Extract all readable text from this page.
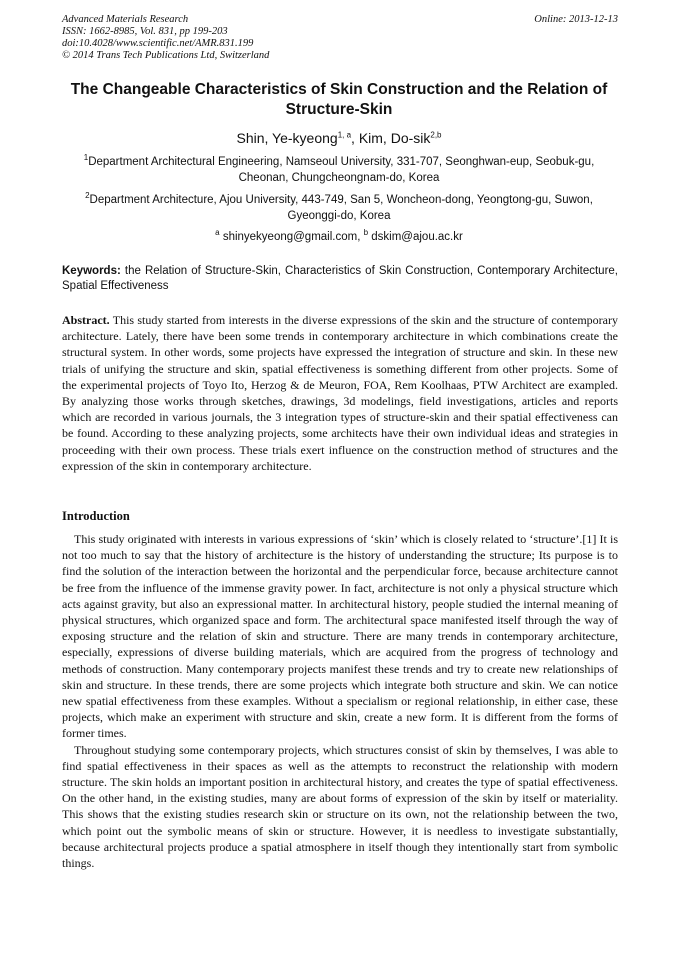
Advanced Materials Research
ISSN: 1662-8985, Vol. 831, pp 199-203
doi:10.4028/www.scientific.net/AMR.831.199
© 2014 Trans Tech Publications Ltd, Switzerland
Online: 2013-12-13
The Changeable Characteristics of Skin Construction and the Relation of Structure-Skin
Shin, Ye-kyeong$^{1, a}$, Kim, Do-sik$^{2,b}$
$^1$Department Architectural Engineering, Namseoul University, 331-707, Seonghwan-eup, Seobuk-gu, Cheonan, Chungcheongnam-do, Korea
$^2$Department Architecture, Ajou University, 443-749, San 5, Woncheon-dong, Yeongtong-gu, Suwon, Gyeonggi-do, Korea
$^a$ shinyekyeong@gmail.com, $^b$ dskim@ajou.ac.kr
Keywords: the Relation of Structure-Skin, Characteristics of Skin Construction, Contemporary Architecture, Spatial Effectiveness
Abstract. This study started from interests in the diverse expressions of the skin and the structure of contemporary architecture. Lately, there have been some trends in contemporary architecture in which combinations create the structural system. In other words, some projects have expressed the integration of structure and skin. In these new trials of unifying the structure and skin, spatial effectiveness is something different from other projects. Some of the experimental projects of Toyo Ito, Herzog & de Meuron, FOA, Rem Koolhaas, PTW Architect are exampled. By analyzing those works through sketches, drawings, 3d modelings, field investigations, articles and reports which are recorded in various journals, the 3 integration types of structure-skin and their spatial effectiveness can be found. According to these analyzing projects, some architects have their own individual ideas and strategies in proceeding with their own process. These trials exert influence on the construction method of structures and the expression of the skin in contemporary architecture.
Introduction

This study originated with interests in various expressions of ‘skin’ which is closely related to ‘structure’.[1] It is not too much to say that the history of architecture is the history of understanding the structure; Its purpose is to find the solution of the interaction between the horizontal and the perpendicular force, because architecture cannot be free from the influence of the immense gravity power. In fact, architecture is not only a physical structure which acts against gravity, but also an expressional matter. In architectural history, people studied the internal meaning of physical structures, which organized space and form. The architectural space manifested itself through the way of exposing structure and the relation of skin and structure. There are many trends in contemporary architecture, especially, expressions of diverse building materials, which are acquired from the progress of technology and methods of construction. Many contemporary projects manifest these trends and try to create new relationships of skin and structure. In these trends, there are some projects which integrate both structure and skin. We can notice new spatial effectiveness from these examples. Without a specialism or regional relationship, in either case, these projects, which make an experiment with structure and skin, create a new form. It is different from the forms of former times.

Throughout studying some contemporary projects, which structures consist of skin by themselves, I was able to find spatial effectiveness in their spaces as well as the attempts to reconstruct the relationship with modern structure. The skin holds an important position in architectural history, and creates the type of spatial effectiveness. On the other hand, in the existing studies, many are about forms of expression of the skin by itself or materiality. This shows that the existing studies research skin or structure on its own, not the relationship between the two, which point out the symbolic means of skin or structure. However, it is needless to investigate substantially, because architectural projects produce a spatial atmosphere in itself though they intentionally start from symbolic things.
